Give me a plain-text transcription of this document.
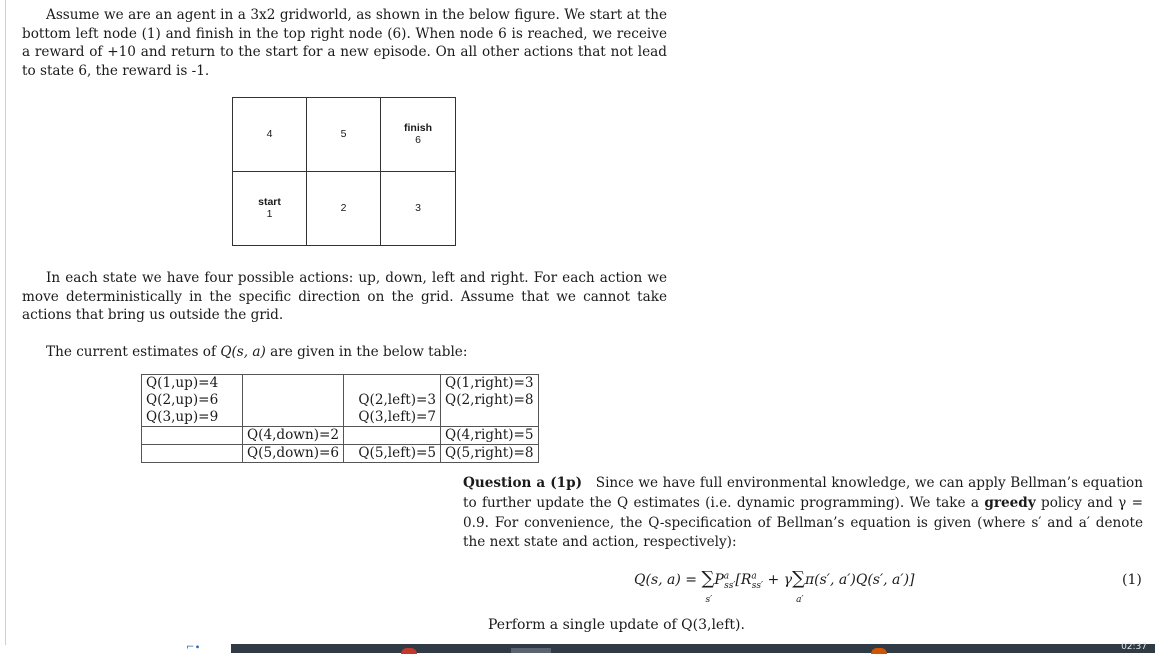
Assume we are an agent in a 3x2 gridworld, as shown in the below figure. We start at the bottom left node (1) and finish in the top right node (6). When node 6 is reached, we receive a reward of +10 and return to the start for a new episode. On all other actions that not lead to state 6, the reward is -1.

4	5	finish
6
start
1	2	3

In each state we have four possible actions: up, down, left and right. For each action we move deterministically in the specific direction on the grid. Assume that we cannot take actions that bring us outside the grid.

The current estimates of Q(s, a) are given in the below table:

Q(1,up)=4			Q(1,right)=3
Q(2,up)=6		Q(2,left)=3	Q(2,right)=8
Q(3,up)=9		Q(3,left)=7	
	Q(4,down)=2		Q(4,right)=5
	Q(5,down)=6	Q(5,left)=5	Q(5,right)=8

Question a (1p) Since we have full environmental knowledge, we can apply Bellman’s equation to further update the Q estimates (i.e. dynamic programming). We take a greedy policy and γ = 0.9. For convenience, the Q-specification of Bellman’s equation is given (where s′ and a′ denote the next state and action, respectively):

Q(s, a) = ∑
s′
$P^a_{ss'}[R^a_{ss'} + \gamma\sum$
a′
π(s′, a′)Q(s′, a′)]	(1)
Perform a single update of Q(3,left).
⌐∙	02:37
